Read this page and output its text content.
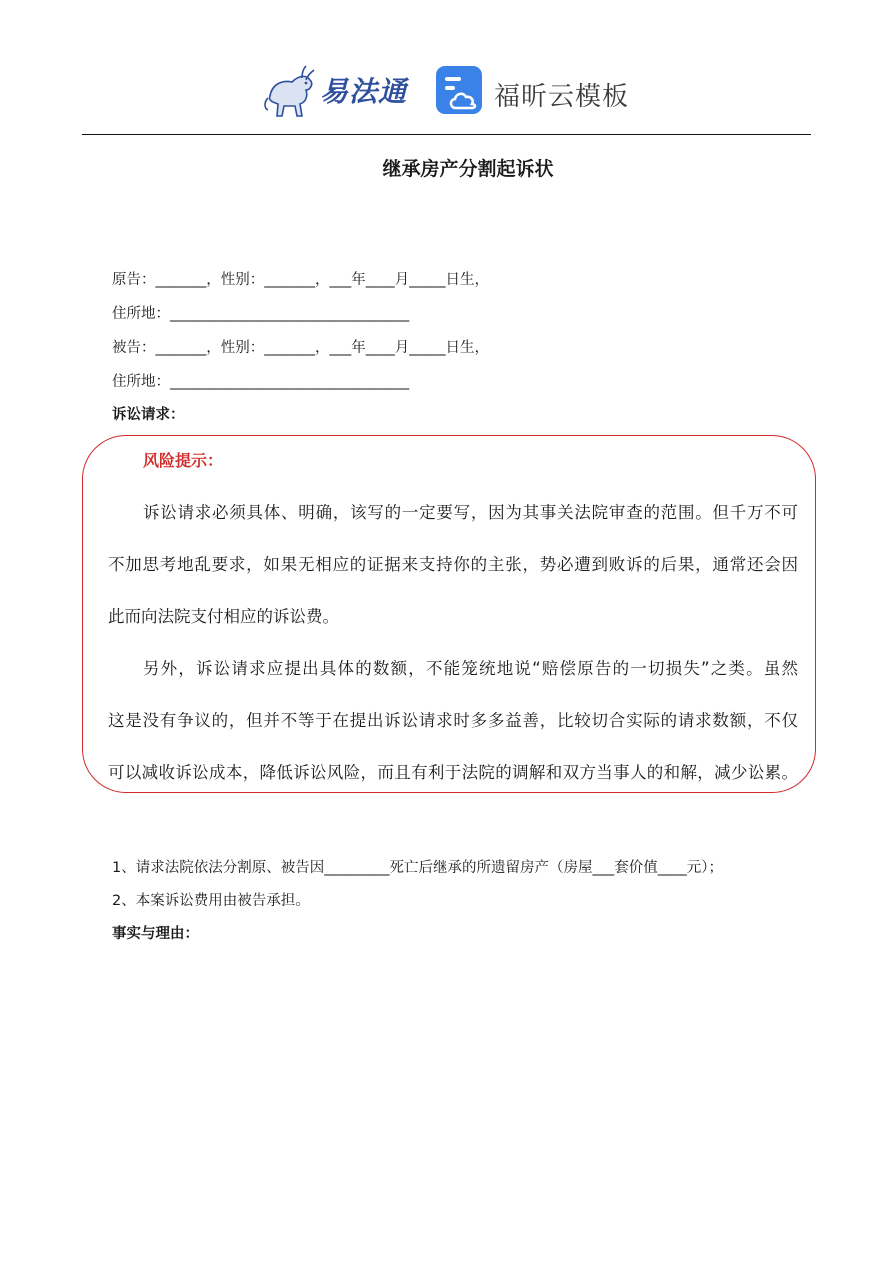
易法通	福昕云模板
继承房产分割起诉状
原告：_______，性别：_______，___年____月_____日生，
住所地：_________________________________
被告：_______，性别：_______，___年____月_____日生，
住所地：_________________________________
诉讼请求：
风险提示：
诉讼请求必须具体、明确，该写的一定要写，因为其事关法院审查的范围。但千万不可
不加思考地乱要求，如果无相应的证据来支持你的主张，势必遭到败诉的后果，通常还会因
此而向法院支付相应的诉讼费。
另外，诉讼请求应提出具体的数额，不能笼统地说“赔偿原告的一切损失”之类。虽然
这是没有争议的，但并不等于在提出诉讼请求时多多益善，比较切合实际的请求数额，不仅
可以减收诉讼成本，降低诉讼风险，而且有利于法院的调解和双方当事人的和解，减少讼累。
1、请求法院依法分割原、被告因_________死亡后继承的所遗留房产（房屋___套价值____元）；
2、本案诉讼费用由被告承担。
事实与理由：
